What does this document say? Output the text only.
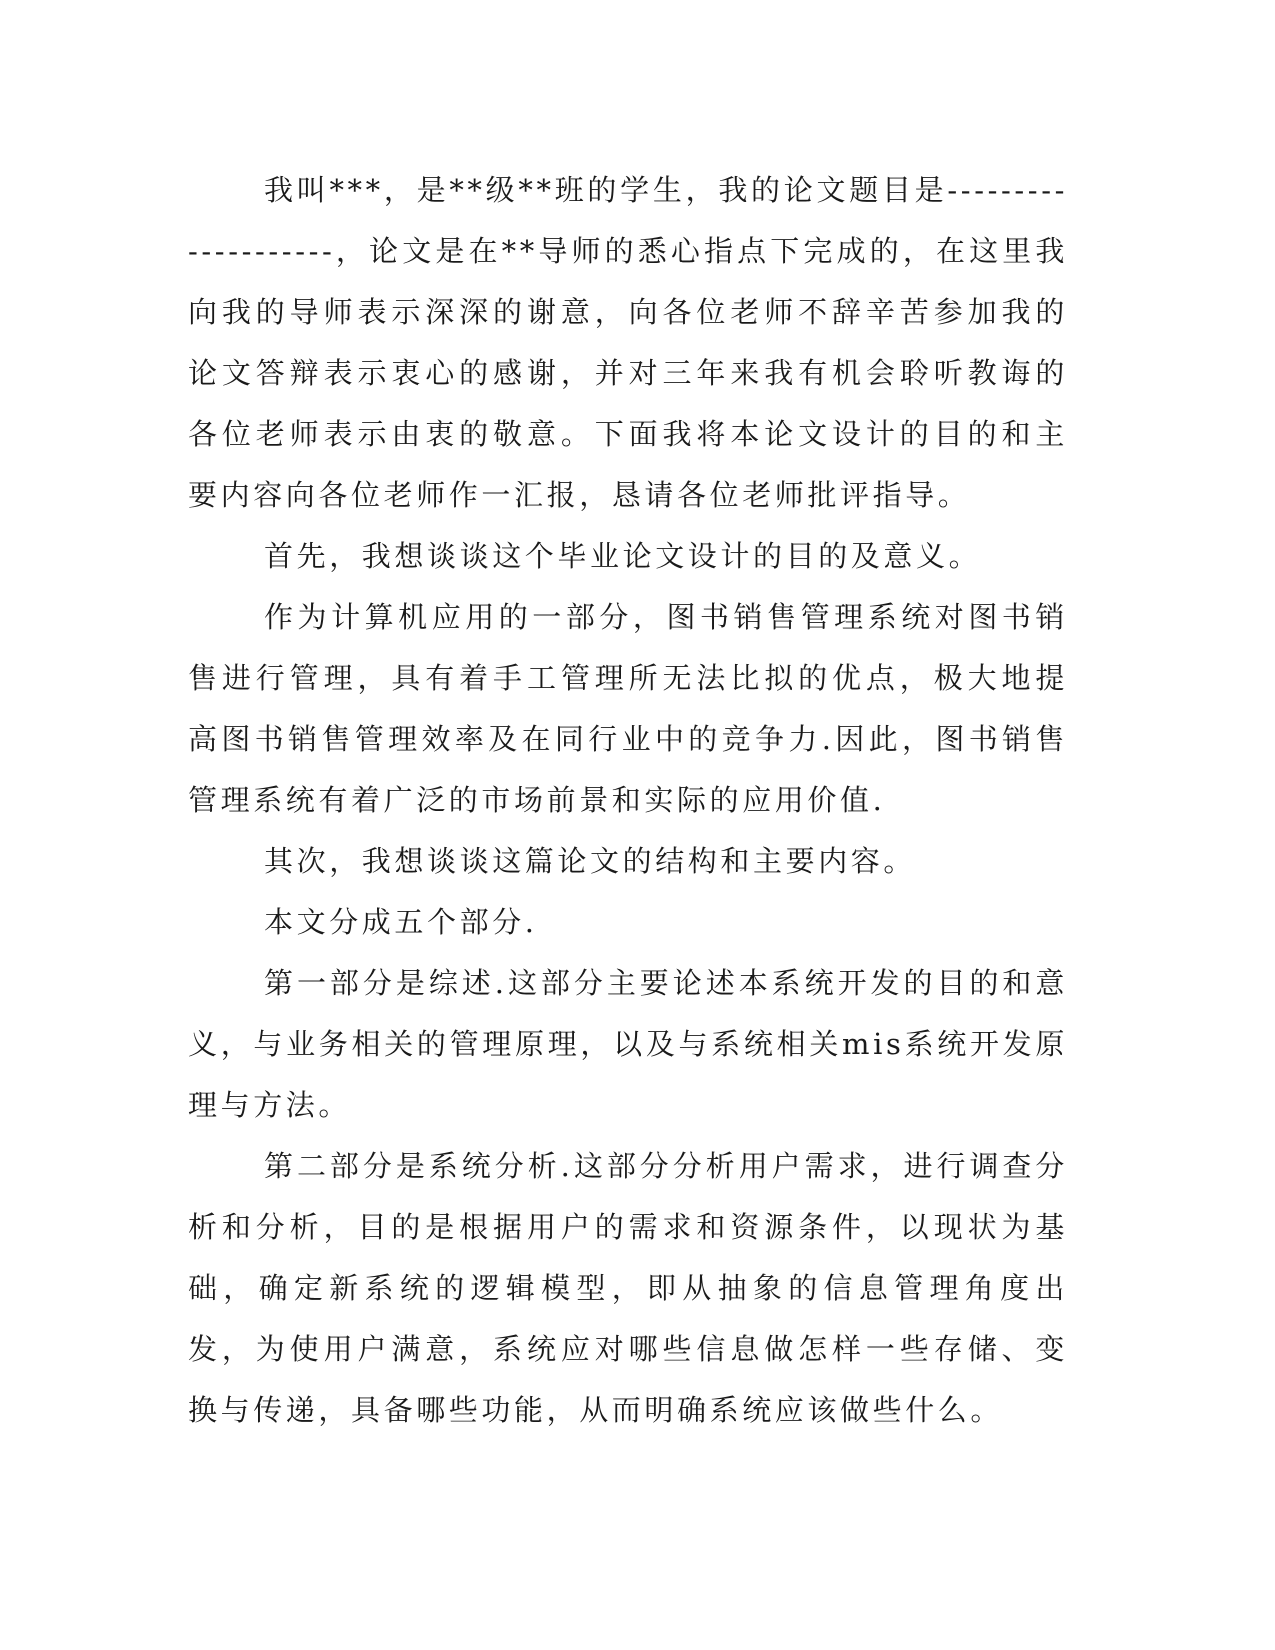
我叫***，是**级**班的学生，我的论文题目是--------------------，论文是在**导师的悉心指点下完成的，在这里我向我的导师表示深深的谢意，向各位老师不辞辛苦参加我的论文答辩表示衷心的感谢，并对三年来我有机会聆听教诲的各位老师表示由衷的敬意。下面我将本论文设计的目的和主要内容向各位老师作一汇报，恳请各位老师批评指导。

首先，我想谈谈这个毕业论文设计的目的及意义。

作为计算机应用的一部分，图书销售管理系统对图书销售进行管理，具有着手工管理所无法比拟的优点，极大地提高图书销售管理效率及在同行业中的竞争力.因此，图书销售管理系统有着广泛的市场前景和实际的应用价值.

其次，我想谈谈这篇论文的结构和主要内容。

本文分成五个部分.

第一部分是综述.这部分主要论述本系统开发的目的和意义，与业务相关的管理原理，以及与系统相关mis系统开发原理与方法。

第二部分是系统分析.这部分分析用户需求，进行调查分析和分析，目的是根据用户的需求和资源条件，以现状为基础，确定新系统的逻辑模型，即从抽象的信息管理角度出发，为使用户满意，系统应对哪些信息做怎样一些存储、变换与传递，具备哪些功能，从而明确系统应该做些什么。
